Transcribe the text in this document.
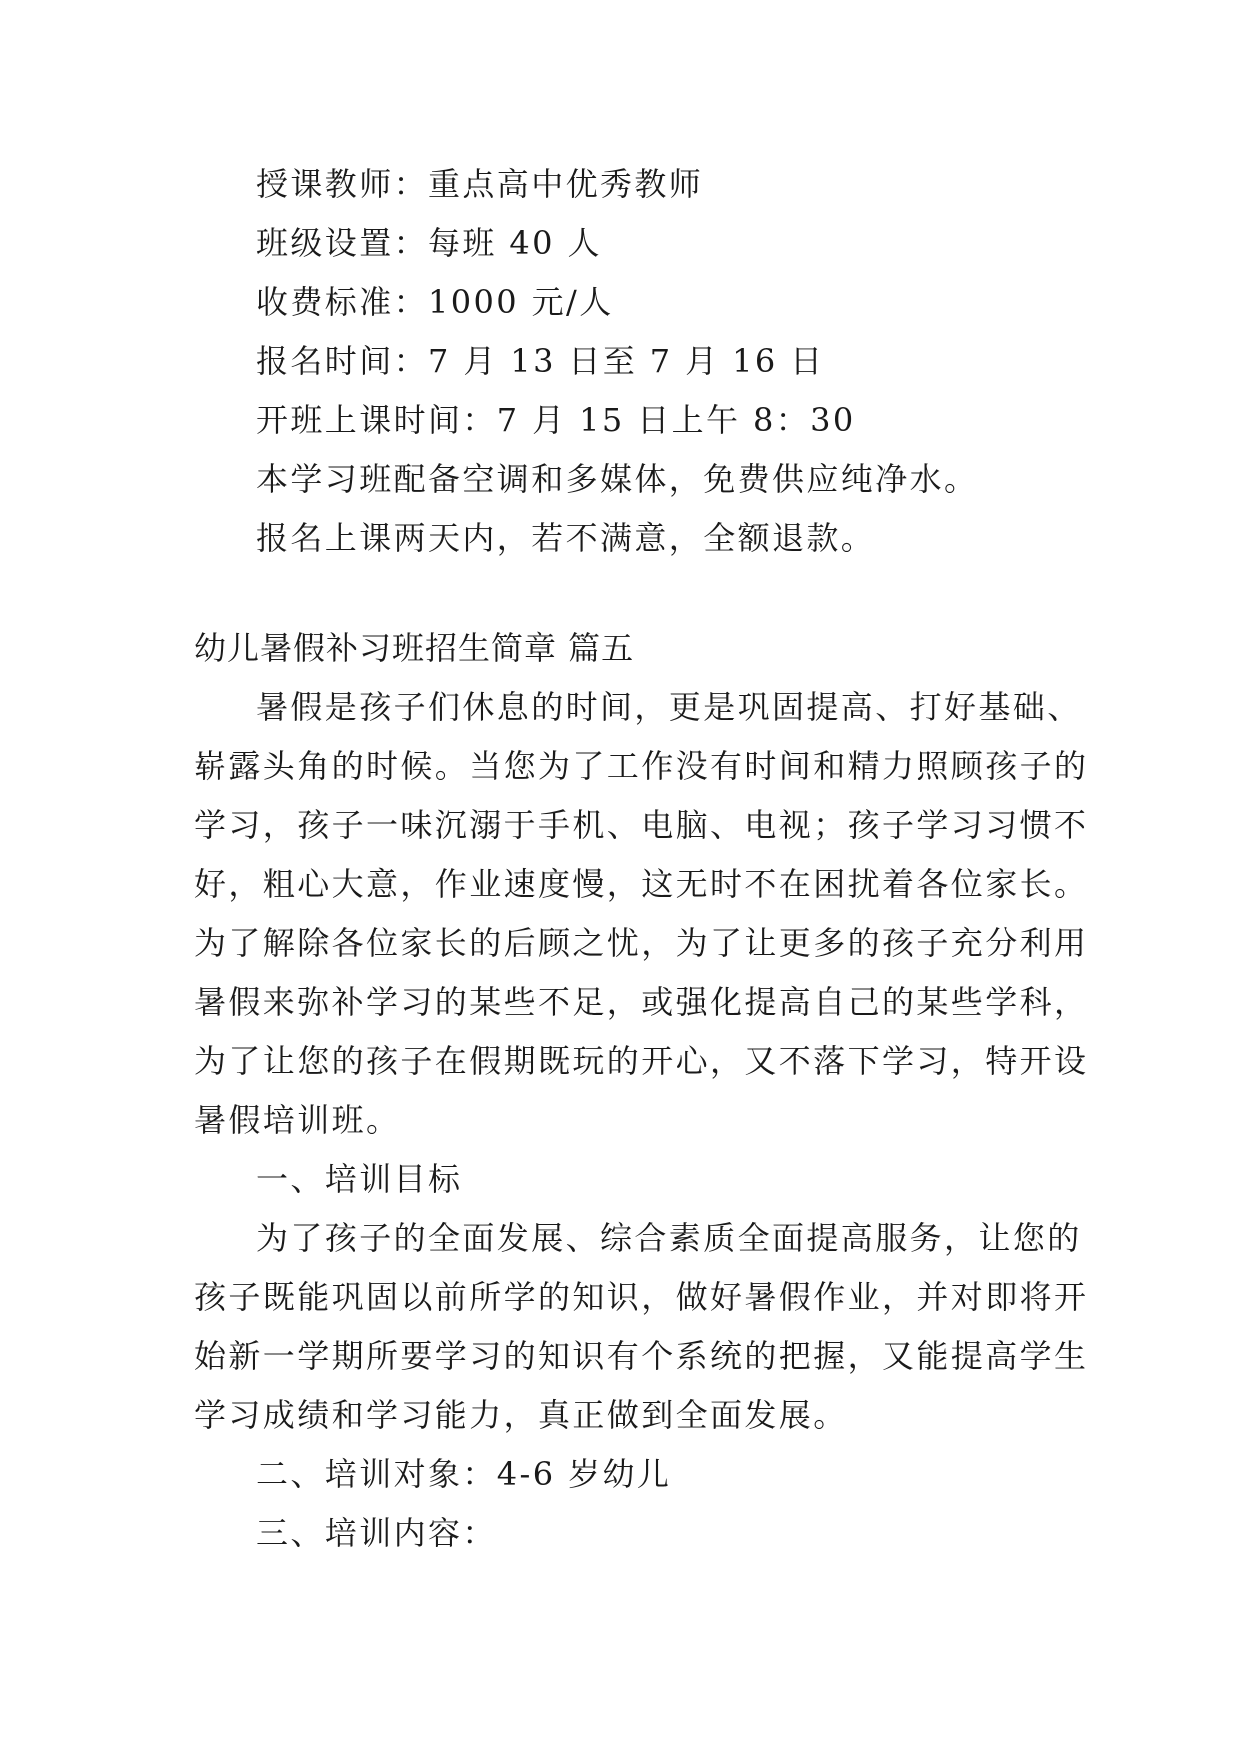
授课教师：重点高中优秀教师
班级设置：每班 40 人
收费标准：1000 元/人
报名时间：7 月 13 日至 7 月 16 日
开班上课时间：7 月 15 日上午 8：30
本学习班配备空调和多媒体，免费供应纯净水。
报名上课两天内，若不满意，全额退款。
幼儿暑假补习班招生简章 篇五
暑假是孩子们休息的时间，更是巩固提高、打好基础、
崭露头角的时候。当您为了工作没有时间和精力照顾孩子的
学习，孩子一味沉溺于手机、电脑、电视；孩子学习习惯不
好，粗心大意，作业速度慢，这无时不在困扰着各位家长。
为了解除各位家长的后顾之忧，为了让更多的孩子充分利用
暑假来弥补学习的某些不足，或强化提高自己的某些学科，
为了让您的孩子在假期既玩的开心，又不落下学习，特开设
暑假培训班。
一、培训目标
为了孩子的全面发展、综合素质全面提高服务，让您的
孩子既能巩固以前所学的知识，做好暑假作业，并对即将开
始新一学期所要学习的知识有个系统的把握，又能提高学生
学习成绩和学习能力，真正做到全面发展。
二、培训对象：4-6 岁幼儿
三、培训内容：
